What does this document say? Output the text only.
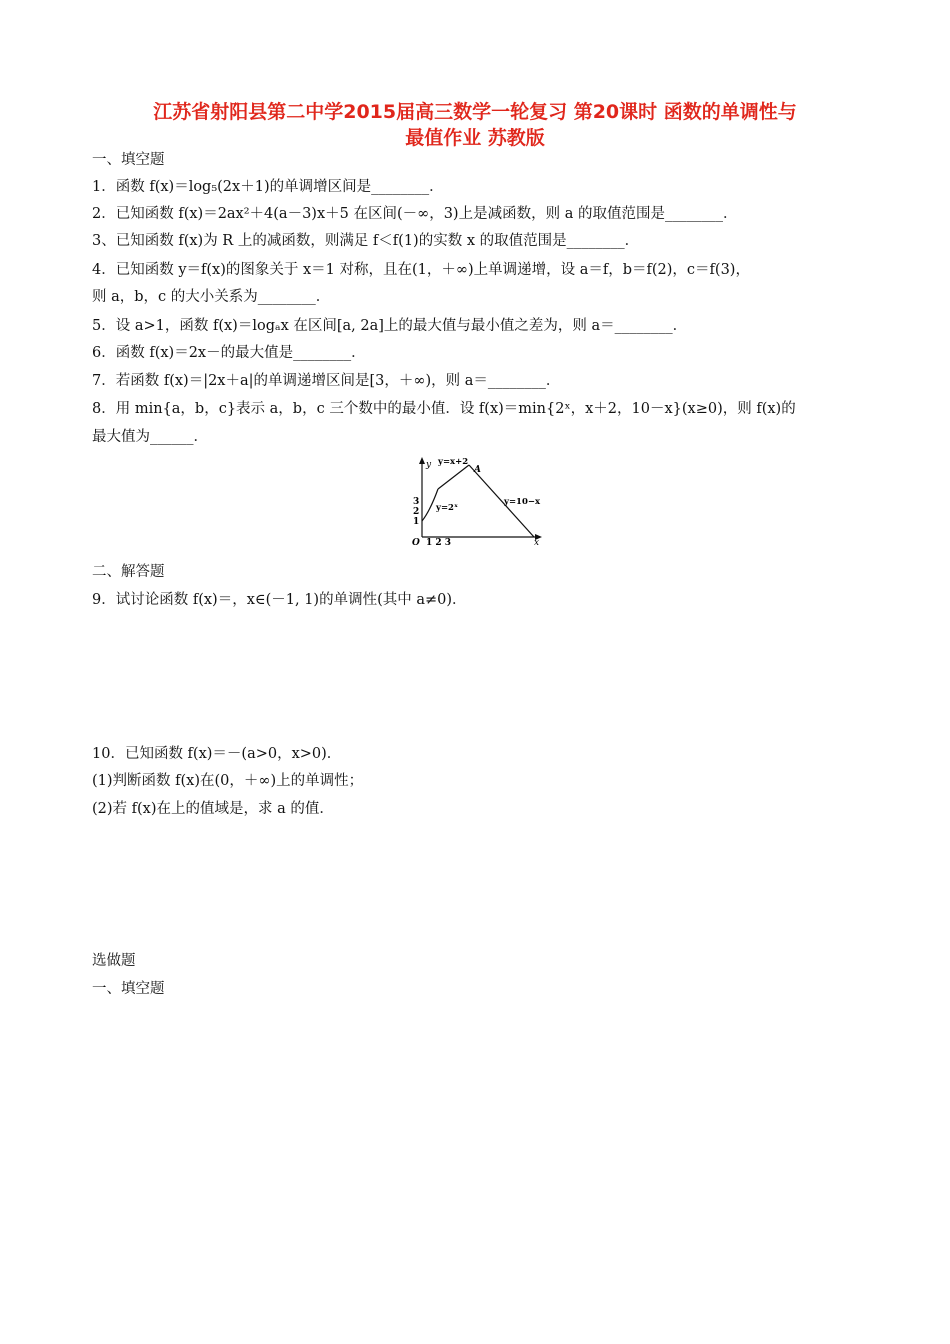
江苏省射阳县第二中学2015届高三数学一轮复习 第20课时 函数的单调性与
最值作业 苏教版
一、填空题
1．函数 f(x)＝log₅(2x＋1)的单调增区间是________．
2．已知函数 f(x)＝2ax²＋4(a－3)x＋5 在区间(－∞，3)上是减函数，则 a 的取值范围是________．
3、已知函数 f(x)为 R 上的减函数，则满足 f＜f(1)的实数 x 的取值范围是________．
4．已知函数 y＝f(x)的图象关于 x＝1 对称，且在(1，＋∞)上单调递增，设 a＝f，b＝f(2)，c＝f(3)，
则 a，b，c 的大小关系为________．
5．设 a>1，函数 f(x)＝logₐx 在区间[a, 2a]上的最大值与最小值之差为，则 a＝________．
6．函数 f(x)＝2x－的最大值是________．
7．若函数 f(x)＝|2x＋a|的单调递增区间是[3，＋∞)，则 a＝________．
8．用 min{a，b，c}表示 a，b，c 三个数中的最小值．设 f(x)＝min{2ˣ，x＋2，10－x}(x≥0)，则 f(x)的
最大值为______．
y y=x+2
A
y=10−x
y=2ˣ
3
2
1
O 1 2 3	x
二、解答题
9．试讨论函数 f(x)＝，x∈(－1, 1)的单调性(其中 a≠0)．
10．已知函数 f(x)＝－(a>0，x>0)．
(1)判断函数 f(x)在(0，＋∞)上的单调性；
(2)若 f(x)在上的值域是，求 a 的值．
选做题
一、填空题
